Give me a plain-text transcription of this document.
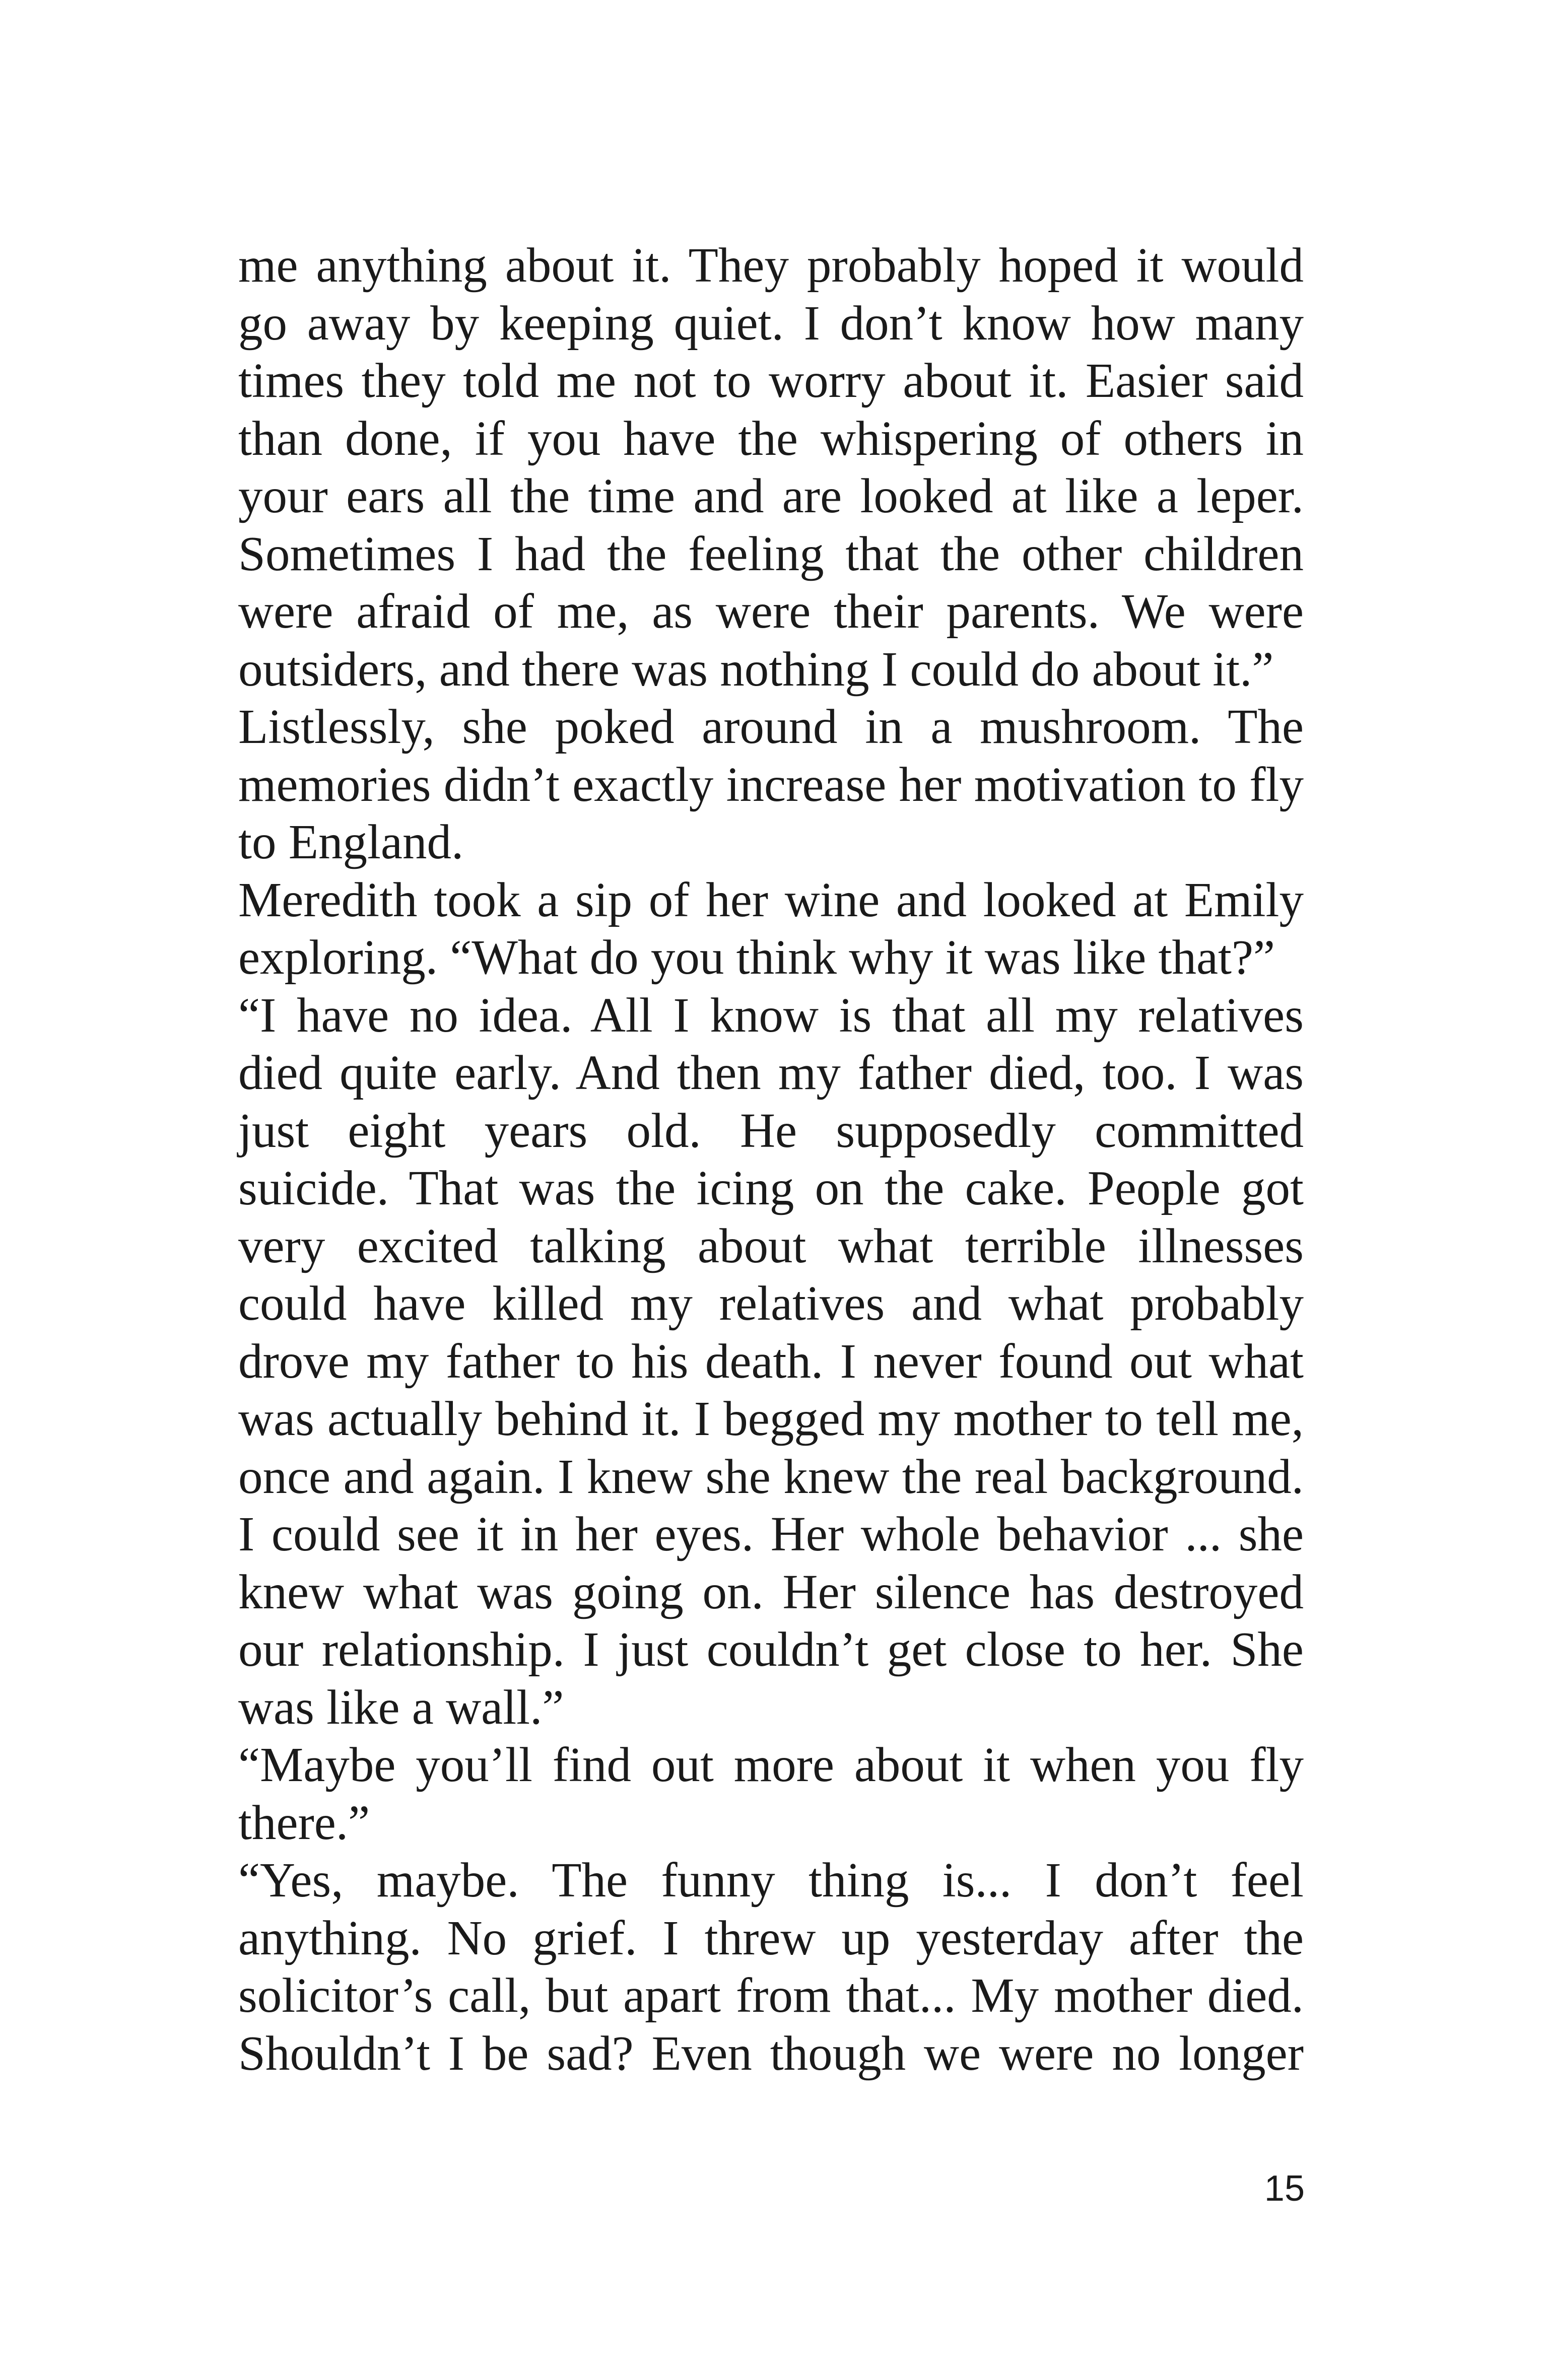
me anything about it. They probably hoped it would go away by keeping quiet. I don’t know how many times they told me not to worry about it. Easier said than done, if you have the whispering of others in your ears all the time and are looked at like a leper. Sometimes I had the feeling that the other children were afraid of me, as were their parents. We were outsiders, and there was nothing I could do about it.”

Listlessly, she poked around in a mushroom. The memories didn’t exactly increase her motivation to fly to England.

Meredith took a sip of her wine and looked at Emily exploring. “What do you think why it was like that?”

“I have no idea. All I know is that all my relatives died quite early. And then my father died, too. I was just eight years old. He supposedly committed suicide. That was the icing on the cake. People got very excited talking about what terrible illnesses could have killed my relatives and what probably drove my father to his death. I never found out what was actually behind it. I begged my mother to tell me, once and again. I knew she knew the real background. I could see it in her eyes. Her whole behavior ... she knew what was going on. Her silence has destroyed our relationship. I just couldn’t get close to her. She was like a wall.”

“Maybe you’ll find out more about it when you fly there.”

“Yes, maybe. The funny thing is... I don’t feel anything. No grief. I threw up yesterday after the solicitor’s call, but apart from that... My mother died. Shouldn’t I be sad? Even though we were no longer

15
